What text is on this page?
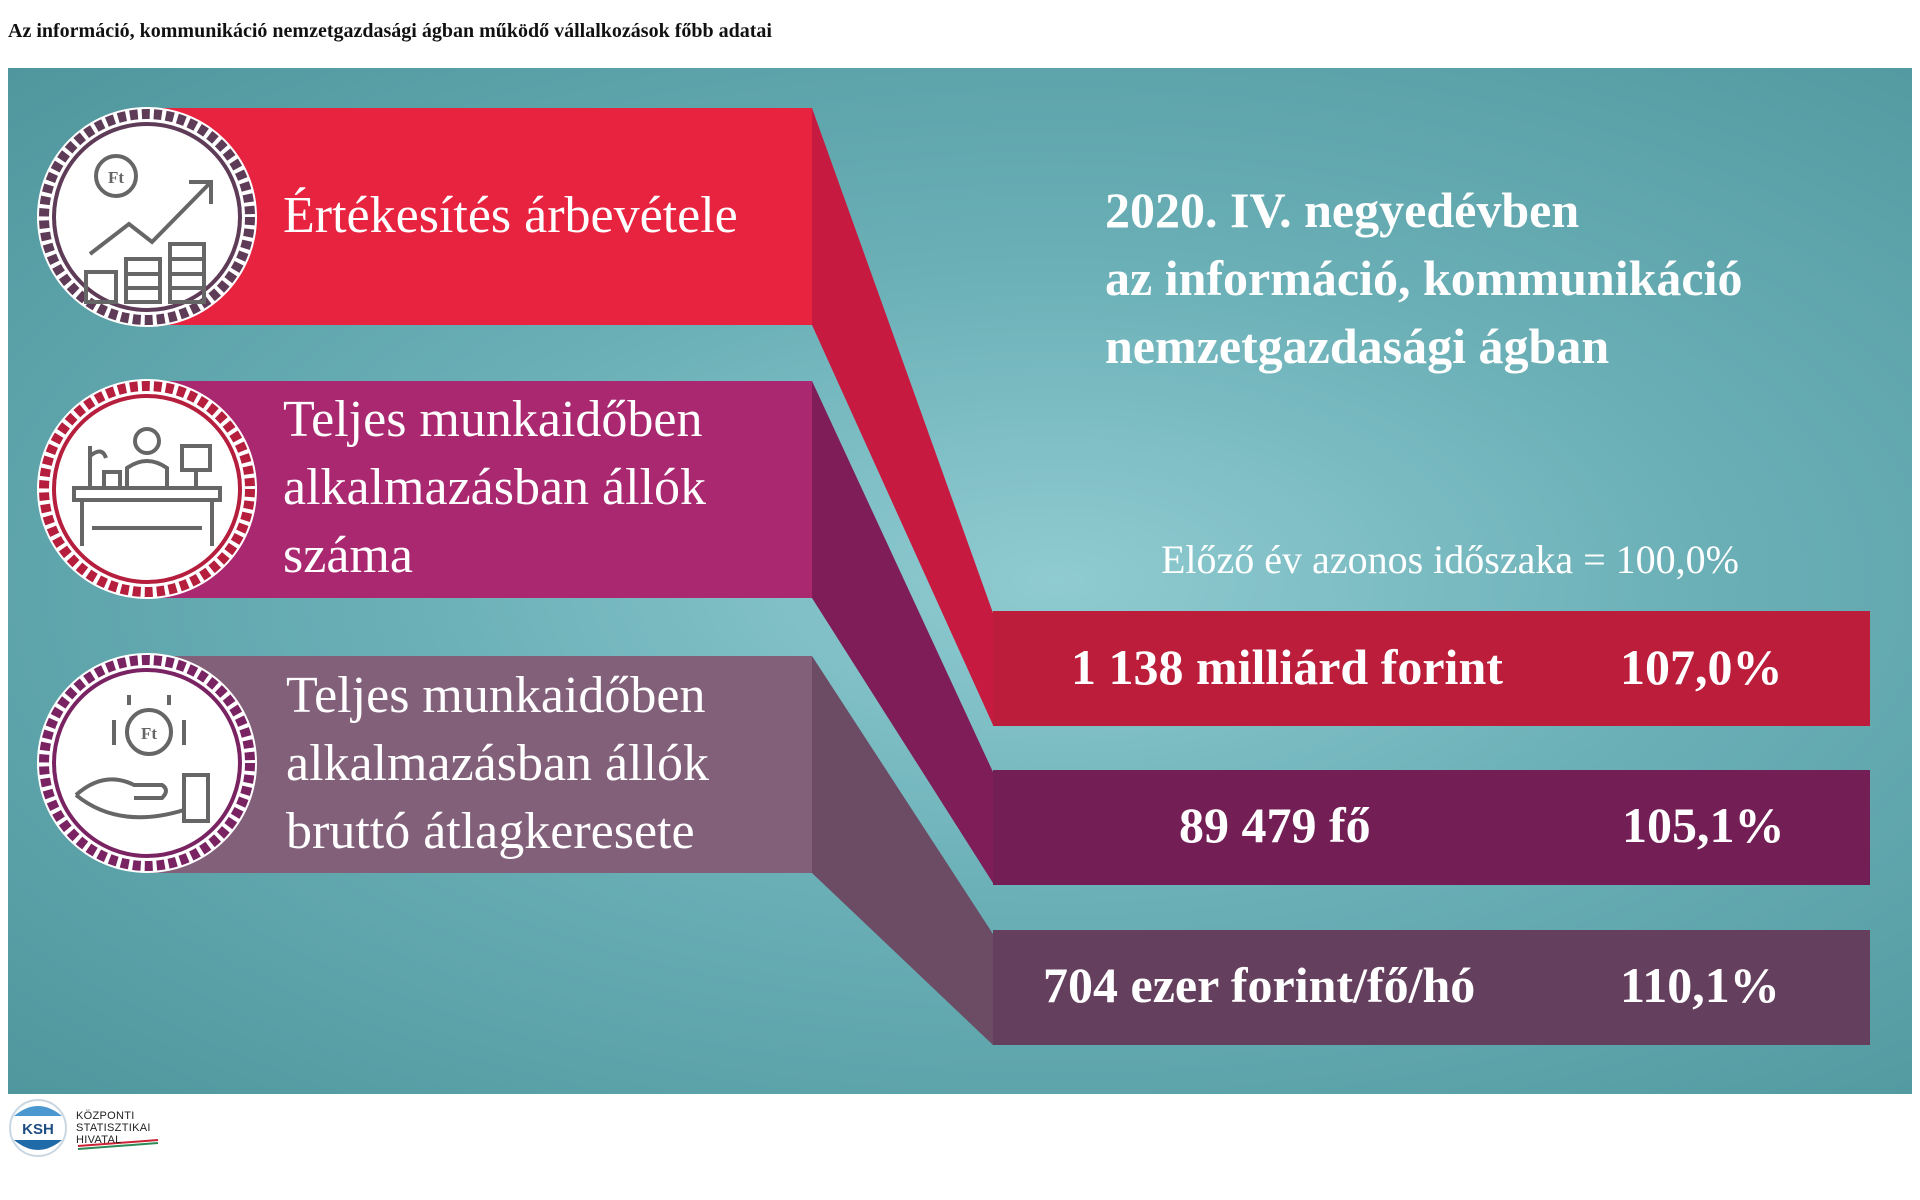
Az információ, kommunikáció nemzetgazdasági ágban működő vállalkozások főbb adatai
Ft
Ft
Értékesítés árbevétele
Teljes munkaidőben
alkalmazásban állók
száma
Teljes munkaidőben
alkalmazásban állók
bruttó átlagkeresete
2020. IV. negyedévben
az információ, kommunikáció
nemzetgazdasági ágban
Előző év azonos időszaka = 100,0%
1 138 milliárd forint 107,0%
89 479 fő	105,1%
704 ezer forint/fő/hó	110,1%
KSH
KÖZPONTI
STATISZTIKAI
HIVATAL
